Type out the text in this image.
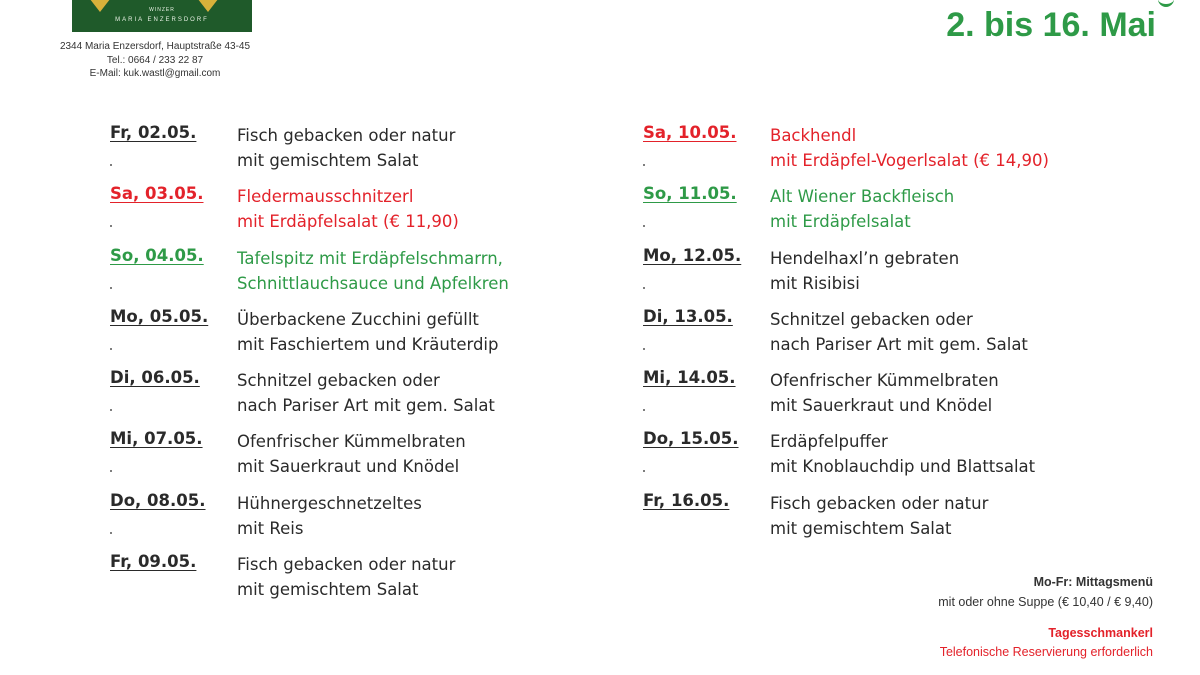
WINZER
MARIA ENZERSDORF
2344 Maria Enzersdorf, Hauptstraße 43-45
Tel.: 0664 / 233 22 87
E-Mail: kuk.wastl@gmail.com
2. bis 16. Mai
Fr, 02.05. Fisch gebacken oder natur
mit gemischtem Salat
Sa, 03.05. Fledermausschnitzerl
mit Erdäpfelsalat (€ 11,90)
So, 04.05. Tafelspitz mit Erdäpfelschmarrn,
Schnittlauchsauce und Apfelkren
Mo, 05.05. Überbackene Zucchini gefüllt
mit Faschiertem und Kräuterdip
Di, 06.05. Schnitzel gebacken oder
nach Pariser Art mit gem. Salat
Mi, 07.05. Ofenfrischer Kümmelbraten
mit Sauerkraut und Knödel
Do, 08.05. Hühnergeschnetzeltes
mit Reis
Fr, 09.05. Fisch gebacken oder natur
mit gemischtem Salat
Sa, 10.05. Backhendl
mit Erdäpfel-Vogerlsalat (€ 14,90)
So, 11.05. Alt Wiener Backfleisch
mit Erdäpfelsalat
Mo, 12.05. Hendelhaxl’n gebraten
mit Risibisi
Di, 13.05. Schnitzel gebacken oder
nach Pariser Art mit gem. Salat
Mi, 14.05. Ofenfrischer Kümmelbraten
mit Sauerkraut und Knödel
Do, 15.05. Erdäpfelpuffer
mit Knoblauchdip und Blattsalat
Fr, 16.05. Fisch gebacken oder natur
mit gemischtem Salat
Mo-Fr: Mittagsmenü
mit oder ohne Suppe (€ 10,40 / € 9,40)
Tagesschmankerl
Telefonische Reservierung erforderlich
